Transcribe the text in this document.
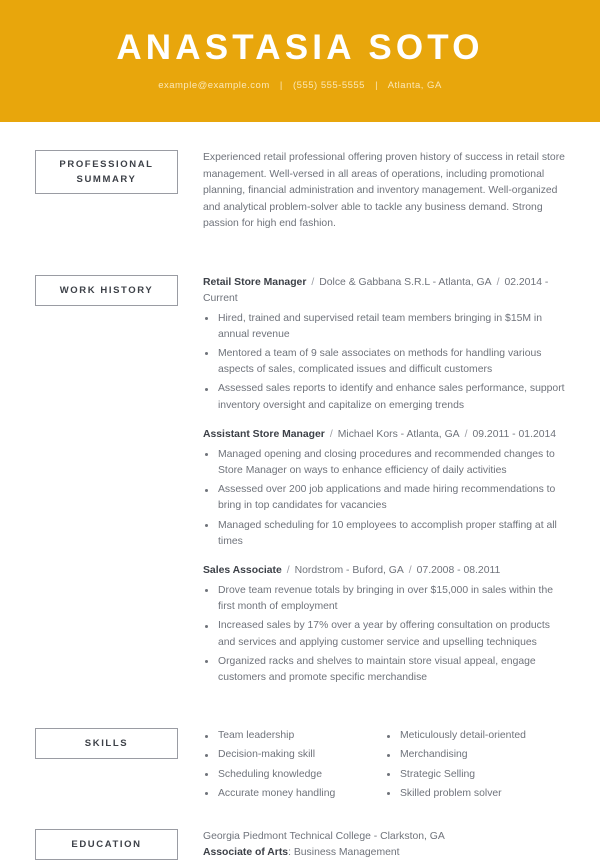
ANASTASIA SOTO
example@example.com | (555) 555-5555 | Atlanta, GA
PROFESSIONAL
SUMMARY

Experienced retail professional offering proven history of success in retail store management. Well-versed in all areas of operations, including promotional planning, financial administration and inventory management. Well-organized and analytical problem-solver able to tackle any business demand. Strong passion for high end fashion.

WORK HISTORY

Retail Store Manager / Dolce & Gabbana S.R.L - Atlanta, GA / 02.2014 - Current

Hired, trained and supervised retail team members bringing in $15M in annual revenue
Mentored a team of 9 sale associates on methods for handling various aspects of sales, complicated issues and difficult customers
Assessed sales reports to identify and enhance sales performance, support inventory oversight and capitalize on emerging trends

Assistant Store Manager / Michael Kors - Atlanta, GA / 09.2011 - 01.2014

Managed opening and closing procedures and recommended changes to Store Manager on ways to enhance efficiency of daily activities
Assessed over 200 job applications and made hiring recommendations to bring in top candidates for vacancies
Managed scheduling for 10 employees to accomplish proper staffing at all times

Sales Associate / Nordstrom - Buford, GA / 07.2008 - 08.2011

Drove team revenue totals by bringing in over $15,000 in sales within the first month of employment
Increased sales by 17% over a year by offering consultation on products and services and applying customer service and upselling techniques
Organized racks and shelves to maintain store visual appeal, engage customers and promote specific merchandise
SKILLS
Team leadership
Decision-making skill
Scheduling knowledge
Accurate money handling
Meticulously detail-oriented
Merchandising
Strategic Selling
Skilled problem solver
EDUCATION

Georgia Piedmont Technical College - Clarkston, GA

Associate of Arts: Business Management
